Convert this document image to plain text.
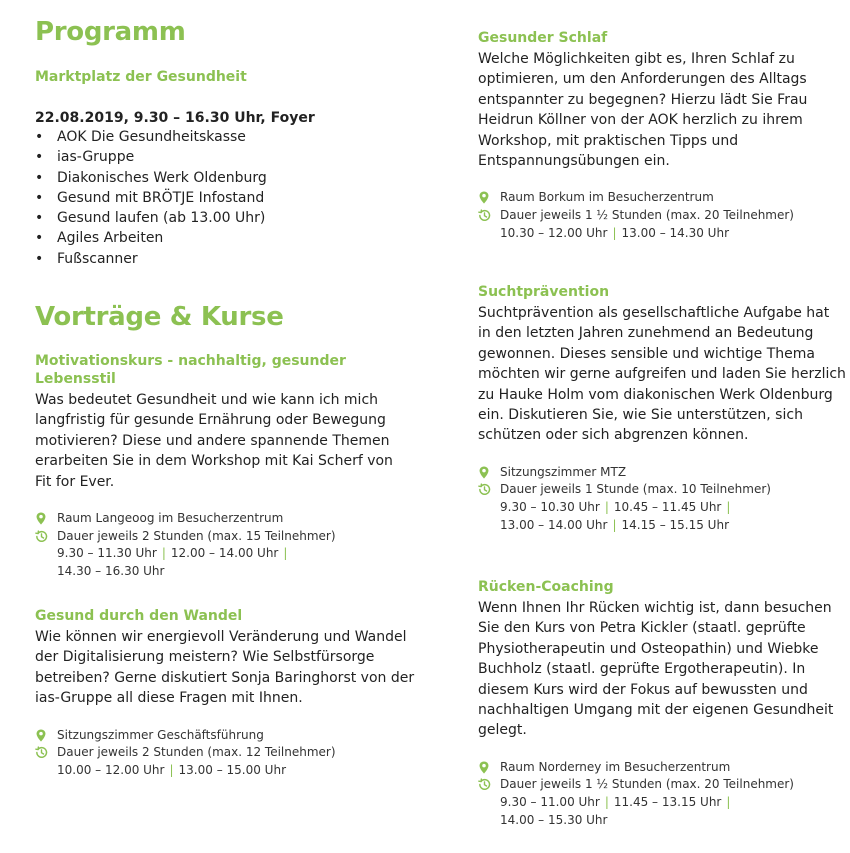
Programm
Marktplatz der Gesundheit
22.08.2019, 9.30 – 16.30 Uhr, Foyer
• AOK Die Gesundheitskasse
• ias-Gruppe
• Diakonisches Werk Oldenburg
• Gesund mit BRÖTJE Infostand
• Gesund laufen (ab 13.00 Uhr)
• Agiles Arbeiten
• Fußscanner
Vorträge & Kurse
Motivationskurs - nachhaltig, gesunder Lebensstil

Was bedeutet Gesundheit und wie kann ich mich

langfristig für gesunde Ernährung oder Bewegung

motivieren? Diese und andere spannende Themen

erarbeiten Sie in dem Workshop mit Kai Scherf von

Fit for Ever.

Raum Langeoog im Besucherzentrum
Dauer jeweils 2 Stunden (max. 15 Teilnehmer)
9.30 – 11.30 Uhr | 12.00 – 14.00 Uhr |
14.30 – 16.30 Uhr
Gesund durch den Wandel

Wie können wir energievoll Veränderung und Wandel

der Digitalisierung meistern? Wie Selbstfürsorge

betreiben? Gerne diskutiert Sonja Baringhorst von der

ias-Gruppe all diese Fragen mit Ihnen.

Sitzungszimmer Geschäftsführung
Dauer jeweils 2 Stunden (max. 12 Teilnehmer)
10.00 – 12.00 Uhr | 13.00 – 15.00 Uhr
Gesunder Schlaf

Welche Möglichkeiten gibt es, Ihren Schlaf zu

optimieren, um den Anforderungen des Alltags

entspannter zu begegnen? Hierzu lädt Sie Frau

Heidrun Köllner von der AOK herzlich zu ihrem

Workshop, mit praktischen Tipps und

Entspannungsübungen ein.

Raum Borkum im Besucherzentrum
Dauer jeweils 1 ½ Stunden (max. 20 Teilnehmer)
10.30 – 12.00 Uhr | 13.00 – 14.30 Uhr
Suchtprävention

Suchtprävention als gesellschaftliche Aufgabe hat

in den letzten Jahren zunehmend an Bedeutung

gewonnen. Dieses sensible und wichtige Thema

möchten wir gerne aufgreifen und laden Sie herzlich

zu Hauke Holm vom diakonischen Werk Oldenburg

ein. Diskutieren Sie, wie Sie unterstützen, sich

schützen oder sich abgrenzen können.

Sitzungszimmer MTZ
Dauer jeweils 1 Stunde (max. 10 Teilnehmer)
9.30 – 10.30 Uhr | 10.45 – 11.45 Uhr |
13.00 – 14.00 Uhr | 14.15 – 15.15 Uhr
Rücken-Coaching

Wenn Ihnen Ihr Rücken wichtig ist, dann besuchen

Sie den Kurs von Petra Kickler (staatl. geprüfte

Physiotherapeutin und Osteopathin) und Wiebke

Buchholz (staatl. geprüfte Ergotherapeutin). In

diesem Kurs wird der Fokus auf bewussten und

nachhaltigen Umgang mit der eigenen Gesundheit

gelegt.

Raum Norderney im Besucherzentrum
Dauer jeweils 1 ½ Stunden (max. 20 Teilnehmer)
9.30 – 11.00 Uhr | 11.45 – 13.15 Uhr |
14.00 – 15.30 Uhr
